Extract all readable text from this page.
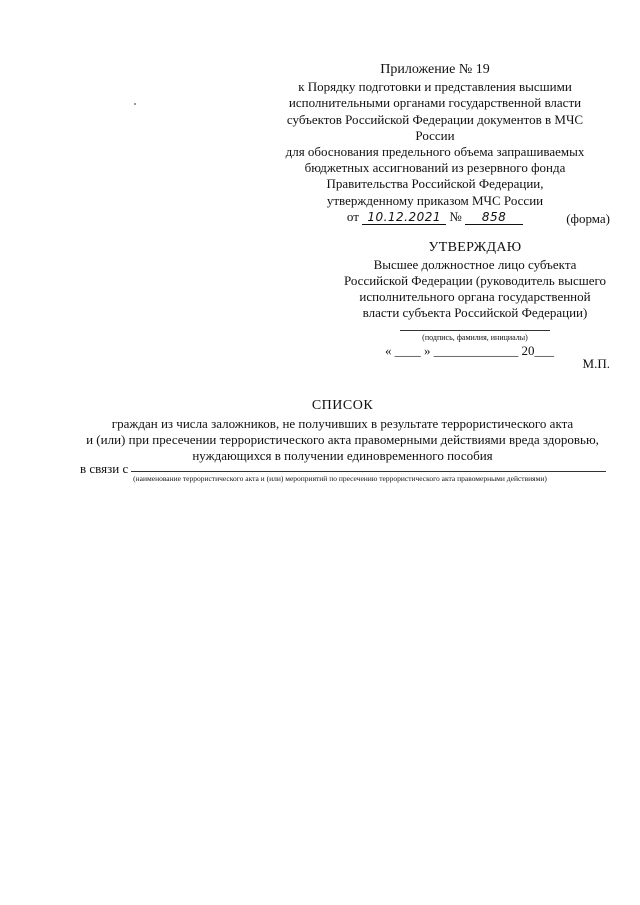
Приложение № 19
к Порядку подготовки и представления высшими
исполнительными органами государственной власти
субъектов Российской Федерации документов в МЧС России
для обоснования предельного объема запрашиваемых
бюджетных ассигнований из резервного фонда
Правительства Российской Федерации,
утвержденному приказом МЧС России
от 10.12.2021 № 858	(форма)
УТВЕРЖДАЮ
Высшее должностное лицо субъекта
Российской Федерации (руководитель высшего
исполнительного органа государственной
власти субъекта Российской Федерации)
(подпись, фамилия, инициалы)
« ____ » _____________ 20___
М.П.
СПИСОК
граждан из числа заложников, не получивших в результате террористического акта
и (или) при пресечении террористического акта правомерными действиями вреда здоровью,
нуждающихся в получении единовременного пособия
в связи с
(наименование террористического акта и (или) мероприятий по пресечению террористического акта правомерными действиями)
